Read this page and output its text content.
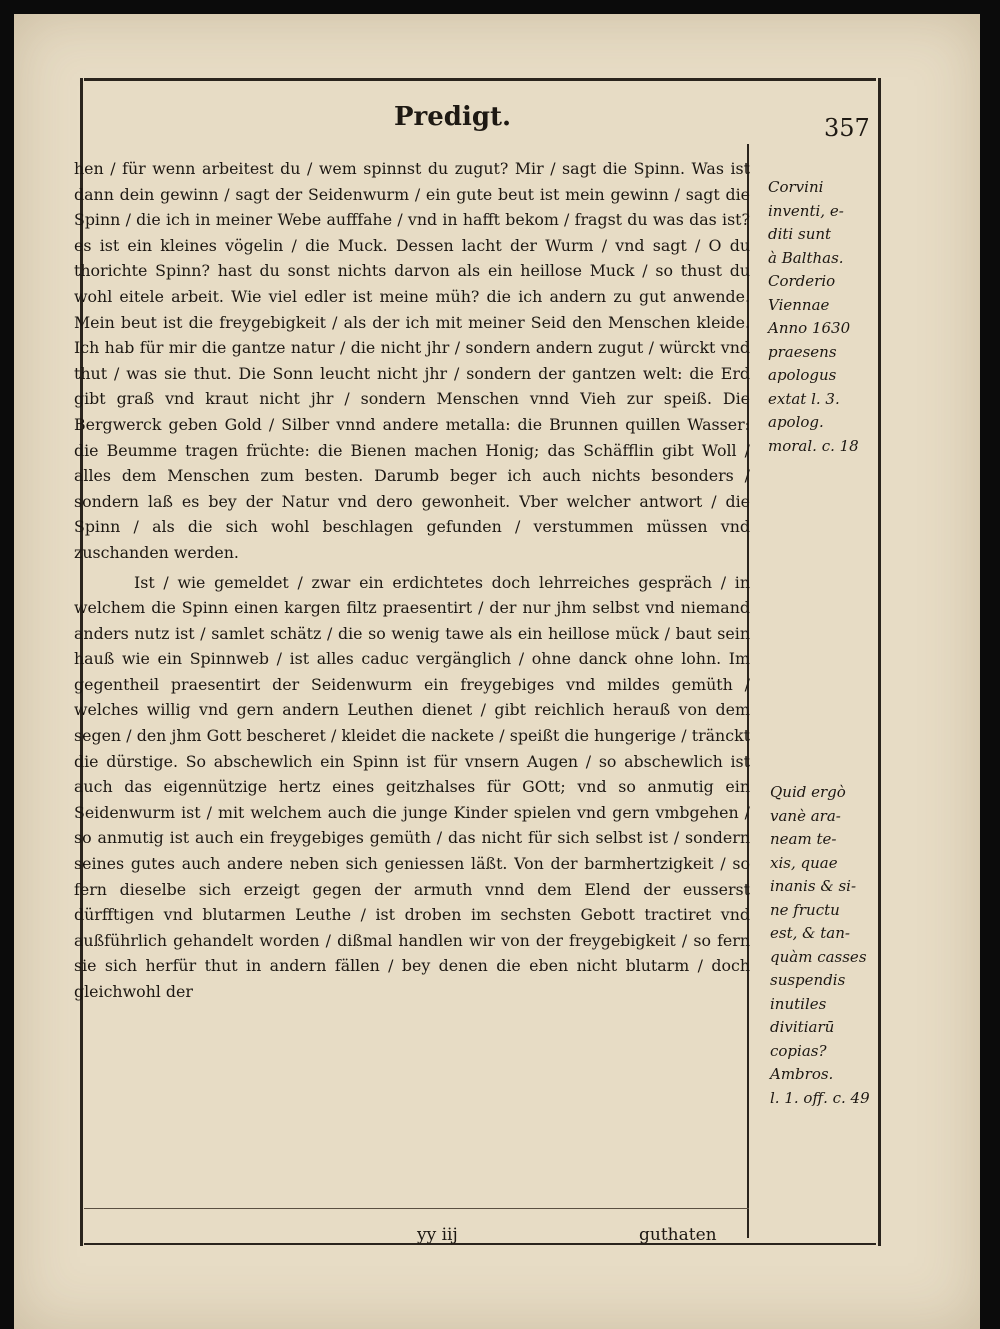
Predigt.	357

hen / für wenn arbeitest du / wem spinnst du zugut? Mir / sagt die Spinn. Was ist dann dein gewinn / sagt der Seidenwurm / ein gute beut ist mein gewinn / sagt die Spinn / die ich in meiner Webe aufffahe / vnd in hafft bekom / fragst du was das ist? es ist ein kleines vögelin / die Muck. Dessen lacht der Wurm / vnd sagt / O du thorichte Spinn? hast du sonst nichts darvon als ein heillose Muck / so thust du wohl eitele arbeit. Wie viel edler ist meine müh? die ich andern zu gut anwende. Mein beut ist die freygebigkeit / als der ich mit meiner Seid den Menschen kleide. Ich hab für mir die gantze natur / die nicht jhr / sondern andern zugut / würckt vnd thut / was sie thut. Die Sonn leucht nicht jhr / sondern der gantzen welt: die Erd gibt graß vnd kraut nicht jhr / sondern Menschen vnnd Vieh zur speiß. Die Bergwerck geben Gold / Silber vnnd andere metalla: die Brunnen quillen Wasser: die Beumme tragen früchte: die Bienen machen Honig; das Schäfflin gibt Woll / alles dem Menschen zum besten. Darumb beger ich auch nichts besonders / sondern laß es bey der Natur vnd dero gewonheit. Vber welcher antwort / die Spinn / als die sich wohl beschlagen gefunden / verstummen müssen vnd zuschanden werden.

Ist / wie gemeldet / zwar ein erdichtetes doch lehrreiches gespräch / in welchem die Spinn einen kargen filtz praesentirt / der nur jhm selbst vnd niemand anders nutz ist / samlet schätz / die so wenig tawe als ein heillose mück / baut sein hauß wie ein Spinnweb / ist alles caduc vergänglich / ohne danck ohne lohn. Im gegentheil praesentirt der Seidenwurm ein freygebiges vnd mildes gemüth / welches willig vnd gern andern Leuthen dienet / gibt reichlich herauß von dem segen / den jhm Gott bescheret / kleidet die nackete / speißt die hungerige / tränckt die dürstige. So abschewlich ein Spinn ist für vnsern Augen / so abschewlich ist auch das eigennützige hertz eines geitzhalses für GOtt; vnd so anmutig ein Seidenwurm ist / mit welchem auch die junge Kinder spielen vnd gern vmbgehen / so anmutig ist auch ein freygebiges gemüth / das nicht für sich selbst ist / sondern seines gutes auch andere neben sich geniessen läßt. Von der barmhertzigkeit / so fern dieselbe sich erzeigt gegen der armuth vnnd dem Elend der eusserst dürfftigen vnd blutarmen Leuthe / ist droben im sechsten Gebott tractiret vnd außführlich gehandelt worden / dißmal handlen wir von der freygebigkeit / so fern sie sich herfür thut in andern fällen / bey denen die eben nicht blutarm / doch gleichwohl der

Corvini
inventi, e-
diti sunt
à Balthas.
Corderio
Viennae
Anno 1630
praesens
apologus
extat l. 3.
apolog.
moral. c. 18
Quid ergò
vanè ara-
neam te-
xis, quae
inanis & si-
ne fructu
est, & tan-
quàm casses
suspendis
inutiles
divitiarū
copias?
Ambros.
l. 1. off. c. 49
yy iij	guthaten
